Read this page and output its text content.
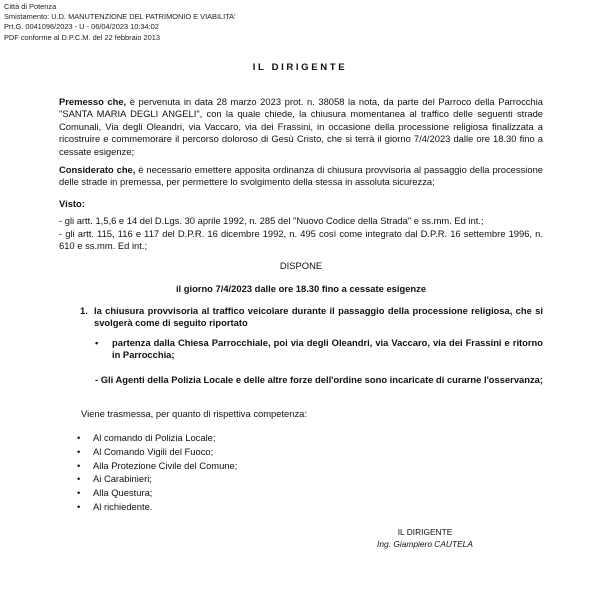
Città di Potenza
Smistamento: U.D. MANUTENZIONE DEL PATRIMONIO E VIABILITA'
Prt.G. 0041096/2023 - U - 06/04/2023 10:34:02
PDF conforme al D.P.C.M. del 22 febbraio 2013
IL DIRIGENTE

Premesso che, è pervenuta in data 28 marzo 2023 prot. n. 38058 la nota, da parte del Parroco della Parrocchia "SANTA MARIA DEGLI ANGELI", con la quale chiede, la chiusura momentanea al traffico delle seguenti strade Comunali, Via degli Oleandri, via Vaccaro, via dei Frassini, in occasione della processione religiosa finalizzata a ricostruire e commemorare il percorso doloroso di Gesù Cristo, che si terrà il giorno 7/4/2023 dalle ore 18.30 fino a cessate esigenze;

Considerato che, è necessario emettere apposita ordinanza di chiusura provvisoria al passaggio della processione delle strade in premessa, per permettere lo svolgimento della stessa in assoluta sicurezza;

Visto:

- gli artt. 1,5,6 e 14 del D.Lgs. 30 aprile 1992, n. 285 del "Nuovo Codice della Strada" e ss.mm. Ed int.;

- gli artt. 115, 116 e 117 del D.P.R. 16 dicembre 1992, n. 495 così come integrato dal D.P.R. 16 settembre 1996, n. 610 e ss.mm. Ed int.;

DISPONE

il giorno 7/4/2023 dalle ore 18.30 fino a cessate esigenze

1. la chiusura provvisoria al traffico veicolare durante il passaggio della processione religiosa, che si svolgerà come di seguito riportato
• partenza dalla Chiesa Parrocchiale, poi via degli Oleandri, via Vaccaro, via dei Frassini e ritorno in Parrocchia;
- Gli Agenti della Polizia Locale e delle altre forze dell'ordine sono incaricate di curarne l'osservanza;

Viene trasmessa, per quanto di rispettiva competenza:

• Al comando di Polizia Locale;
• Al Comando Vigili del Fuoco;
• Alla Protezione Civile del Comune;
• Ai Carabinieri;
• Alla Questura;
• Al richiedente.
IL DIRIGENTE
Ing. Giampiero CAUTELA
